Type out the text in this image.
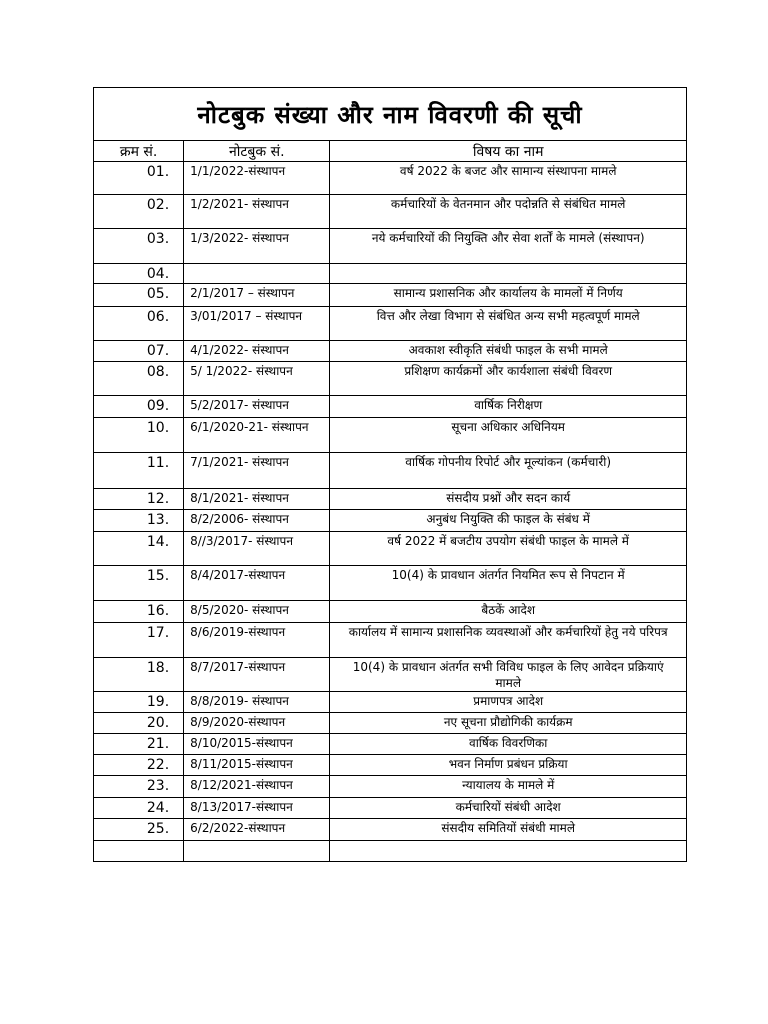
नोटबुक संख्या और नाम विवरणी की सूची		
क्रम सं.	नोटबुक सं.	विषय का नाम
01.	1/1/2022-संस्थापन	वर्ष 2022 के बजट और सामान्य संस्थापना मामले
02.	1/2/2021- संस्थापन	कर्मचारियों के वेतनमान और पदोन्नति से संबंधित मामले
03.	1/3/2022- संस्थापन	नये कर्मचारियों की नियुक्ति और सेवा शर्तों के मामले (संस्थापन)
04.		
05.	2/1/2017 – संस्थापन	सामान्य प्रशासनिक और कार्यालय के मामलों में निर्णय
06.	3/01/2017 – संस्थापन	वित्त और लेखा विभाग से संबंधित अन्य सभी महत्वपूर्ण मामले
07.	4/1/2022- संस्थापन	अवकाश स्वीकृति संबंधी फाइल के सभी मामले
08.	5/ 1/2022- संस्थापन	प्रशिक्षण कार्यक्रमों और कार्यशाला संबंधी विवरण
09.	5/2/2017- संस्थापन	वार्षिक निरीक्षण
10.	6/1/2020-21- संस्थापन	सूचना अधिकार अधिनियम
11.	7/1/2021- संस्थापन	वार्षिक गोपनीय रिपोर्ट और मूल्यांकन (कर्मचारी)
12.	8/1/2021- संस्थापन	संसदीय प्रश्नों और सदन कार्य
13.	8/2/2006- संस्थापन	अनुबंध नियुक्ति की फाइल के संबंध में
14.	8//3/2017- संस्थापन	वर्ष 2022 में बजटीय उपयोग संबंधी फाइल के मामले में
15.	8/4/2017-संस्थापन	10(4) के प्रावधान अंतर्गत नियमित रूप से निपटान में
16.	8/5/2020- संस्थापन	बैठकें आदेश
17.	8/6/2019-संस्थापन	कार्यालय में सामान्य प्रशासनिक व्यवस्थाओं और कर्मचारियों हेतु नये परिपत्र
18.	8/7/2017-संस्थापन	10(4) के प्रावधान अंतर्गत सभी विविध फाइल के लिए आवेदन प्रक्रियाएं मामले
19.	8/8/2019- संस्थापन	प्रमाणपत्र आदेश
20.	8/9/2020-संस्थापन	नए सूचना प्रौद्योगिकी कार्यक्रम
21.	8/10/2015-संस्थापन	वार्षिक विवरणिका
22.	8/11/2015-संस्थापन	भवन निर्माण प्रबंधन प्रक्रिया
23.	8/12/2021-संस्थापन	न्यायालय के मामले में
24.	8/13/2017-संस्थापन	कर्मचारियों संबंधी आदेश
25.	6/2/2022-संस्थापन	संसदीय समितियों संबंधी मामले
